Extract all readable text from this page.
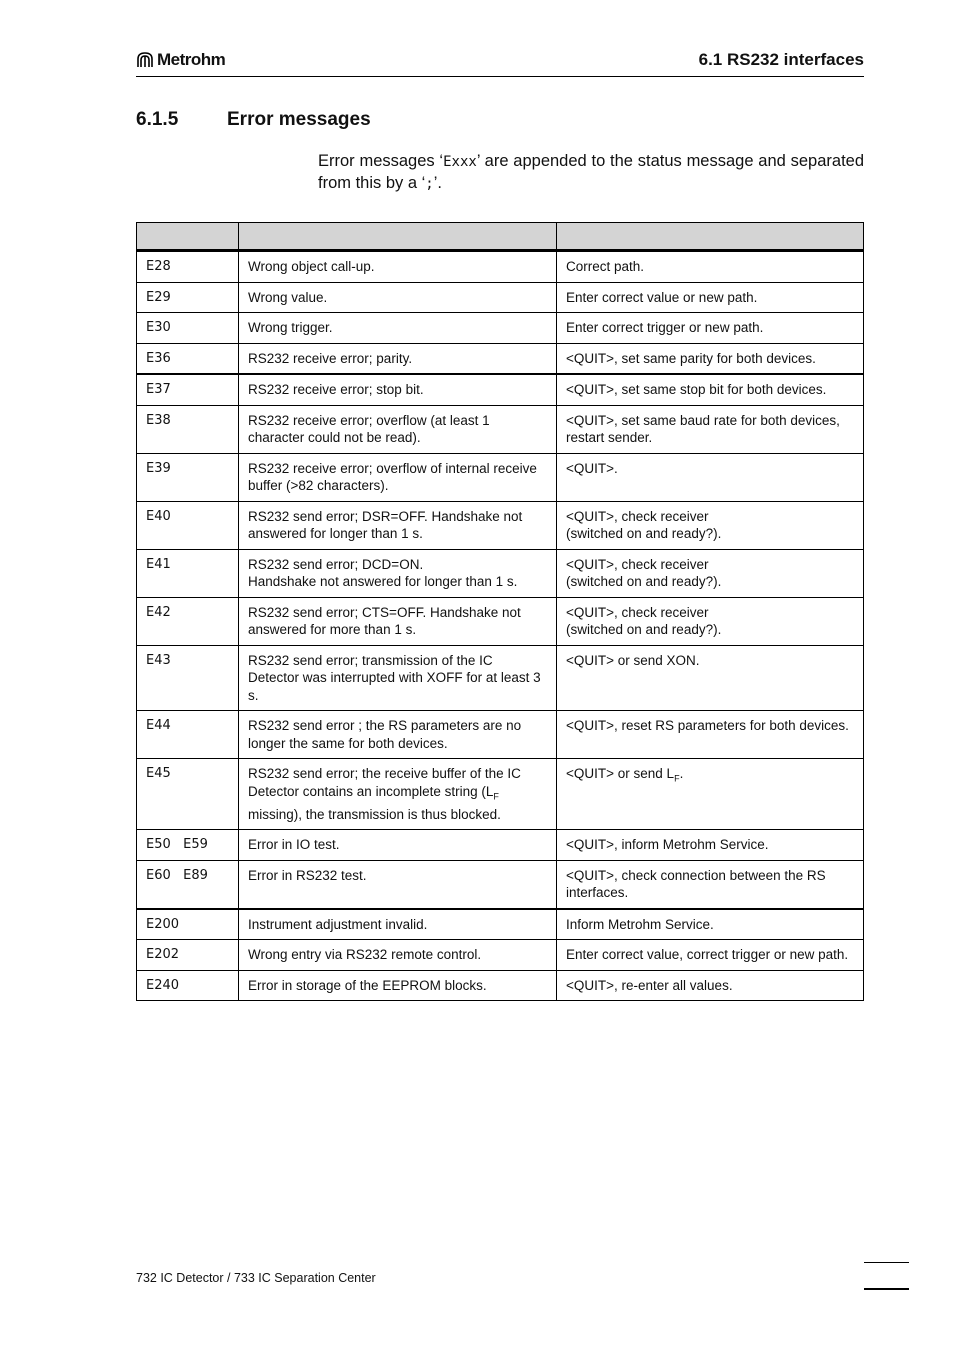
Metrohm	6.1 RS232 interfaces
6.1.5	Error messages

Error messages ‘Exxx’ are appended to the status message and separated from this by a ‘;’.

E28	Wrong object call-up.	Correct path.
E29	Wrong value.	Enter correct value or new path.
E30	Wrong trigger.	Enter correct trigger or new path.
E36	RS232 receive error; parity.	<QUIT>, set same parity for both devices.
E37	RS232 receive error; stop bit.	<QUIT>, set same stop bit for both devices.
E38	RS232 receive error; overflow (at least 1 character could not be read).	<QUIT>, set same baud rate for both devices, restart sender.
E39	RS232 receive error; overflow of internal receive buffer (>82 characters).	<QUIT>.
E40	RS232 send error; DSR=OFF. Handshake not answered for longer than 1 s.	<QUIT>, check receiver
(switched on and ready?).
E41	RS232 send error; DCD=ON.
Handshake not answered for longer than 1 s.	<QUIT>, check receiver
(switched on and ready?).
E42	RS232 send error; CTS=OFF. Handshake not answered for more than 1 s.	<QUIT>, check receiver
(switched on and ready?).
E43	RS232 send error; transmission of the IC Detector was interrupted with XOFF for at least 3 s.	<QUIT> or send XON.
E44	RS232 send error ; the RS parameters are no longer the same for both devices.	<QUIT>, reset RS parameters for both devices.
E45	RS232 send error; the receive buffer of the IC Detector contains an incomplete string ($L_F$ missing), the transmission is thus blocked.	<QUIT> or send $L_F$.
E50   E59	Error in IO test.	<QUIT>, inform Metrohm Service.
E60   E89	Error in RS232 test.	<QUIT>, check connection between the RS interfaces.
E200	Instrument adjustment invalid.	Inform Metrohm Service.
E202	Wrong entry via RS232 remote control.	Enter correct value, correct trigger or new path.
E240	Error in storage of the EEPROM blocks.	<QUIT>, re-enter all values.
732 IC Detector / 733 IC Separation Center
